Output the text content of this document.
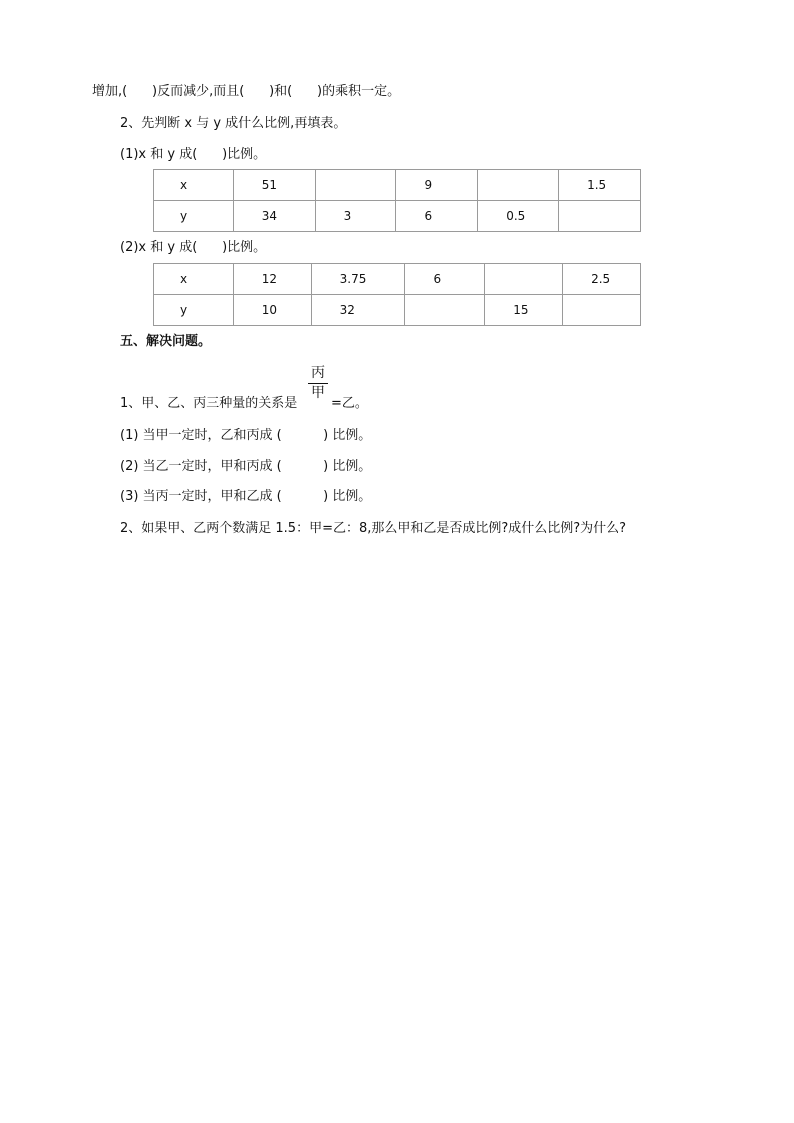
增加,(      )反而减少,而且(      )和(      )的乘积一定。
2、先判断 x 与 y 成什么比例,再填表。
(1)x 和 y 成(      )比例。
x	51		9		1.5
y	34	3	6	0.5	
(2)x 和 y 成(      )比例。
x	12	3.75	6		2.5
y	10	32		15	
五、解决问题。
1、甲、乙、丙三种量的关系是
丙
甲
=乙。
(1) 当甲一定时，乙和丙成 (          ) 比例。
(2) 当乙一定时，甲和丙成 (          ) 比例。
(3) 当丙一定时，甲和乙成 (          ) 比例。
2、如果甲、乙两个数满足 1.5：甲=乙：8,那么甲和乙是否成比例?成什么比例?为什么?
